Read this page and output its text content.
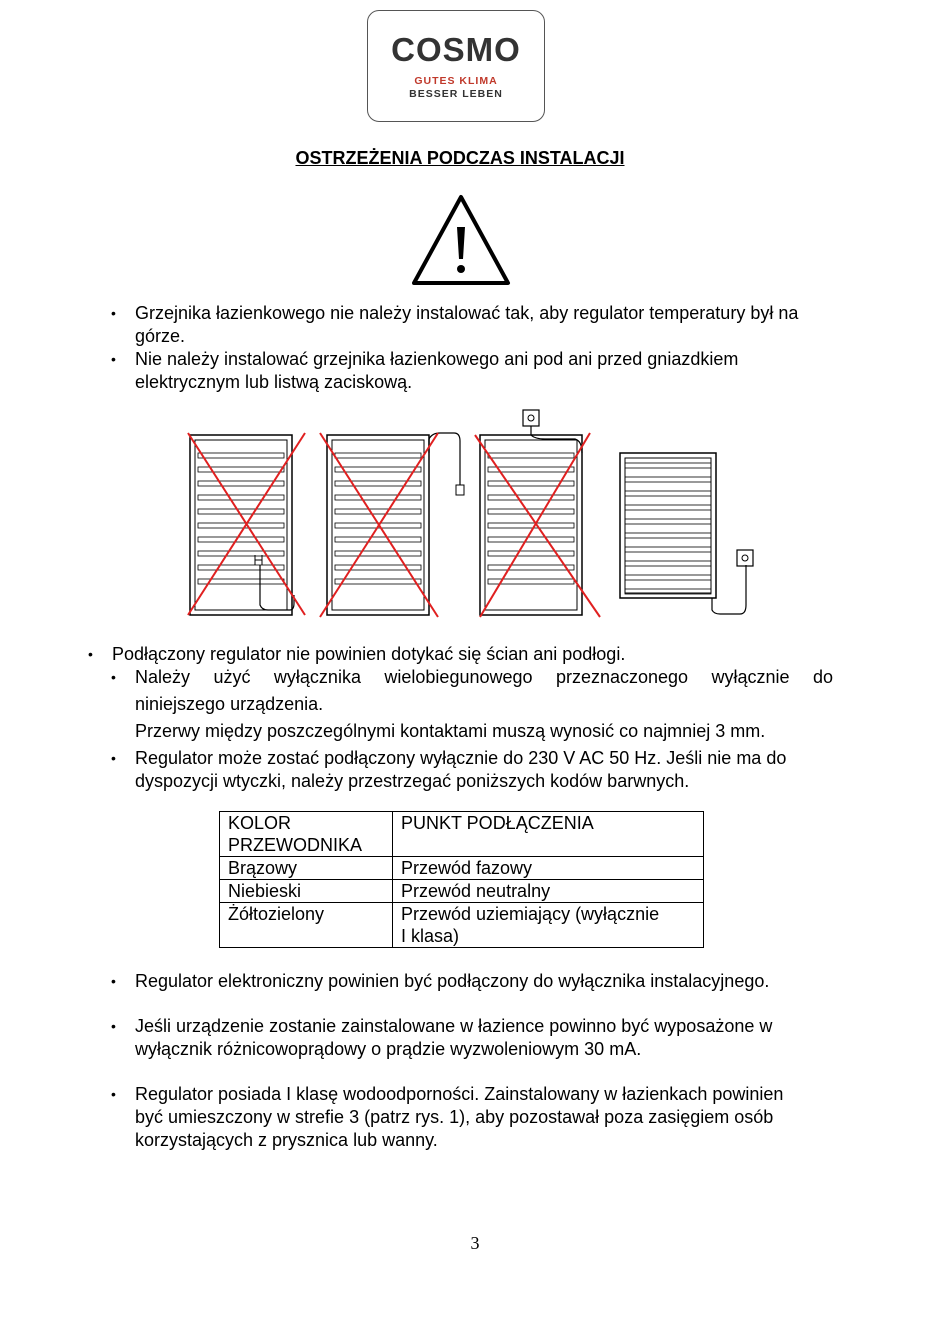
COSMO
GUTES KLIMA
BESSER LEBEN
OSTRZEŻENIA PODCZAS INSTALACJI
• Grzejnika łazienkowego nie należy instalować tak, aby regulator temperatury był na górze.
• Nie należy instalować grzejnika łazienkowego ani pod ani przed gniazdkiem elektrycznym lub listwą zaciskową.
• Podłączony regulator nie powinien dotykać się ścian ani podłogi.
• Należy użyć wyłącznika wielobiegunowego przeznaczonego wyłącznie do
niniejszego urządzenia.
Przerwy między poszczególnymi kontaktami muszą wynosić co najmniej 3 mm.
• Regulator może zostać podłączony wyłącznie do 230 V AC 50 Hz. Jeśli nie ma do dyspozycji wtyczki, należy przestrzegać poniższych kodów barwnych.
KOLOR PRZEWODNIKA	PUNKT PODŁĄCZENIA
Brązowy	Przewód fazowy
Niebieski	Przewód neutralny
Żółtozielony	Przewód uziemiający (wyłącznie I klasa)
• Regulator elektroniczny powinien być podłączony do wyłącznika instalacyjnego.
• Jeśli urządzenie zostanie zainstalowane w łazience powinno być wyposażone w wyłącznik różnicowoprądowy o prądzie wyzwoleniowym 30 mA.
• Regulator posiada I klasę wodoodporności. Zainstalowany w łazienkach powinien być umieszczony w strefie 3 (patrz rys. 1), aby pozostawał poza zasięgiem osób korzystających z prysznica lub wanny.
3
